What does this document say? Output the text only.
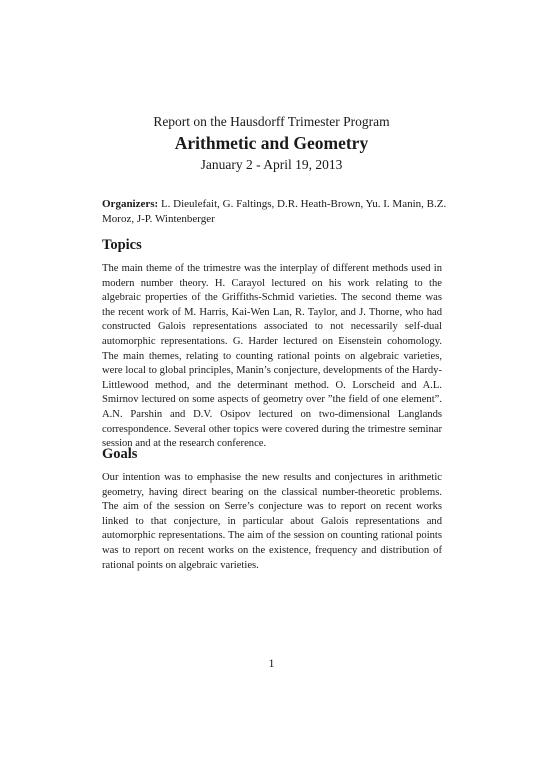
Report on the Hausdorff Trimester Program
Arithmetic and Geometry
January 2 - April 19, 2013
Organizers: L. Dieulefait, G. Faltings, D.R. Heath-Brown, Yu. I. Manin, B.Z. Moroz, J-P. Wintenberger
Topics

The main theme of the trimestre was the interplay of different methods used in modern number theory. H. Carayol lectured on his work relating to the algebraic properties of the Griffiths-Schmid varieties. The second theme was the recent work of M. Harris, Kai-Wen Lan, R. Taylor, and J. Thorne, who had constructed Galois representations associated to not necessarily self-dual automorphic representations. G. Harder lectured on Eisenstein cohomology. The main themes, relating to counting rational points on algebraic varieties, were local to global principles, Manin’s conjecture, developments of the Hardy-Littlewood method, and the determinant method. O. Lorscheid and A.L. Smirnov lectured on some aspects of geometry over ”the field of one element”. A.N. Parshin and D.V. Osipov lectured on two-dimensional Langlands correspondence. Several other topics were covered during the trimestre seminar session and at the research conference.

Goals

Our intention was to emphasise the new results and conjectures in arithmetic geometry, having direct bearing on the classical number-theoretic problems. The aim of the session on Serre’s conjecture was to report on recent works linked to that conjecture, in particular about Galois representations and automorphic representations. The aim of the session on counting rational points was to report on recent works on the existence, frequency and distribution of rational points on algebraic varieties.

1
